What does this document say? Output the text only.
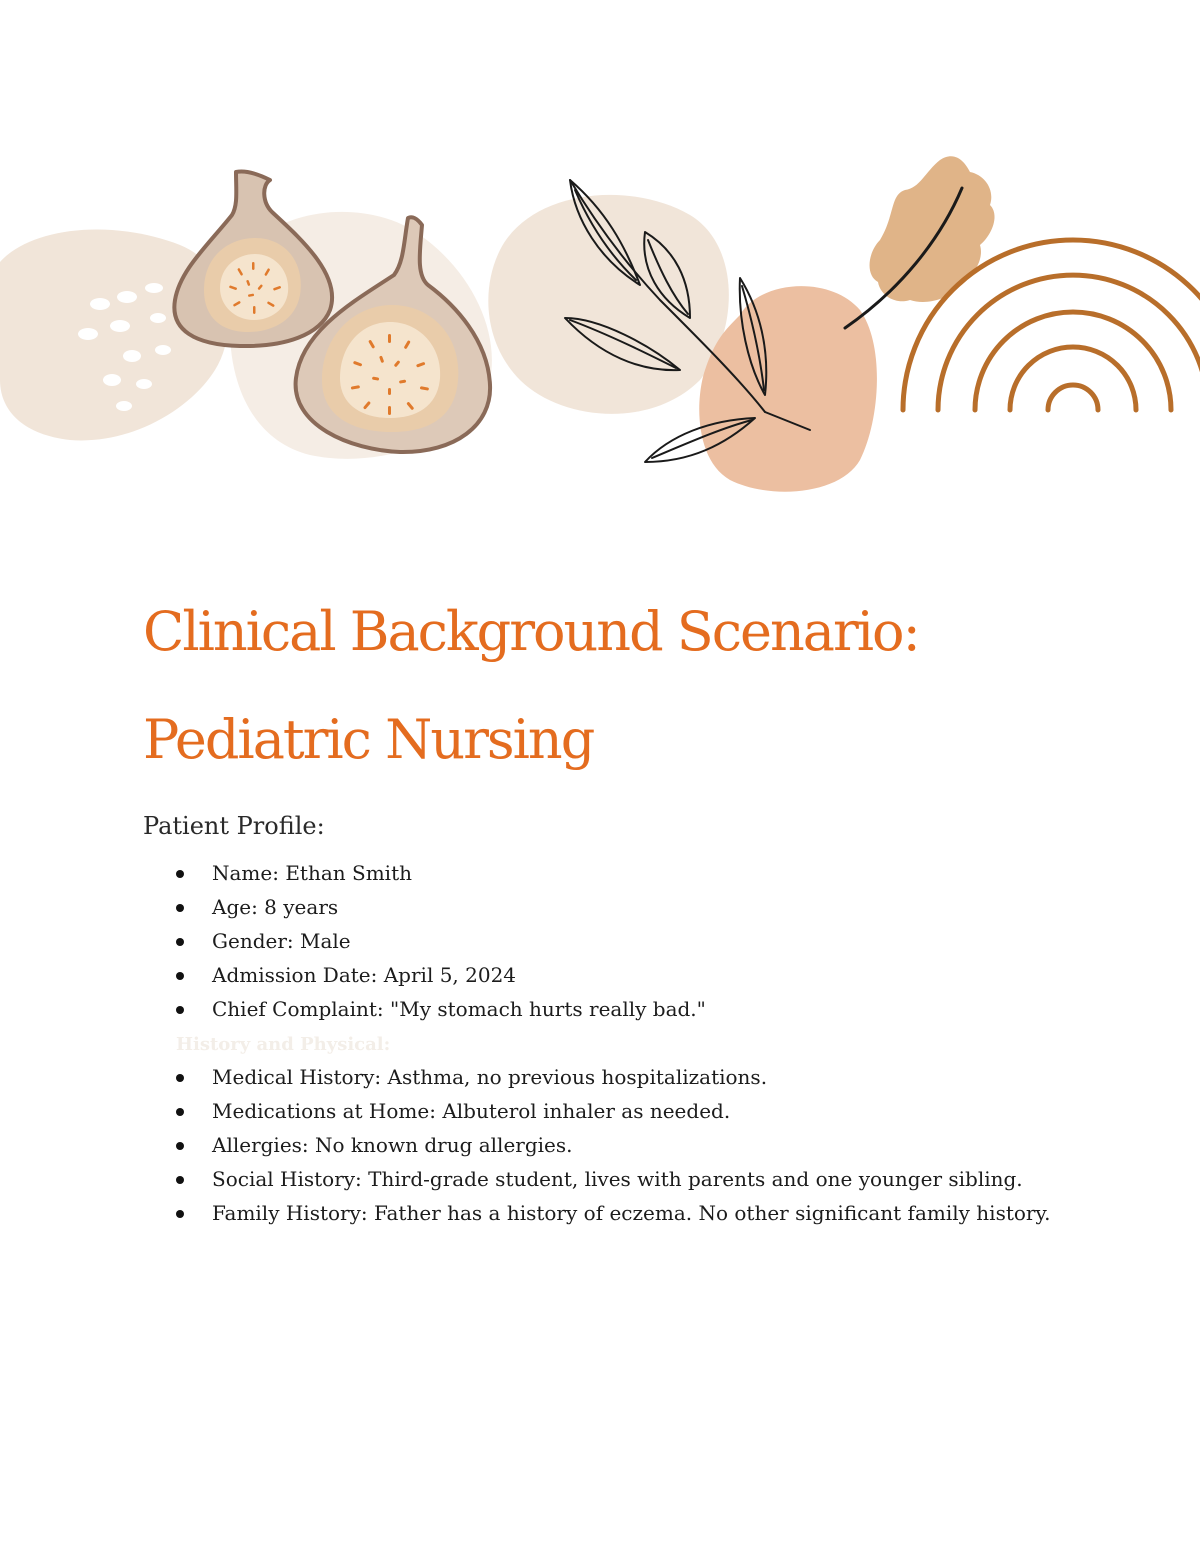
Clinical Background Scenario:
Pediatric Nursing
Patient Profile:
Name: Ethan Smith
Age: 8 years
Gender: Male
Admission Date: April 5, 2024
Chief Complaint: "My stomach hurts really bad."
History and Physical:
Medical History: Asthma, no previous hospitalizations.
Medications at Home: Albuterol inhaler as needed.
Allergies: No known drug allergies.
Social History: Third-grade student, lives with parents and one younger sibling.
Family History: Father has a history of eczema. No other significant family history.
